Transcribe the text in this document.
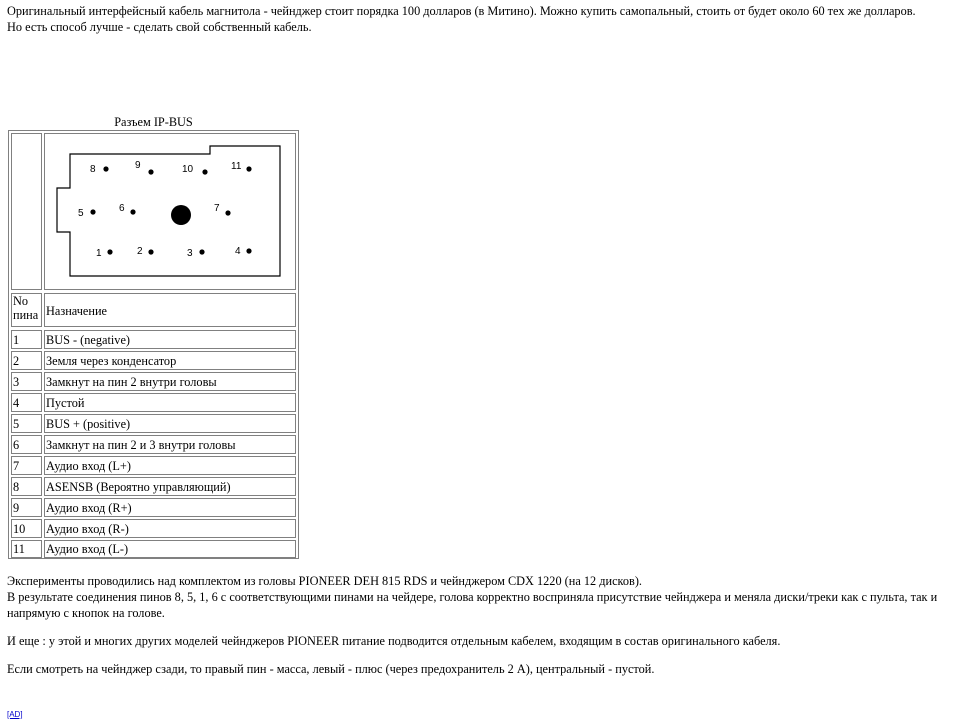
Оригинальный интерфейсный кабель магнитола - чейнджер стоит порядка 100 долларов (в Митино). Можно купить самопальный, стоить от будет около 60 тех же долларов.

Но есть способ лучше - сделать свой собственный кабель.

Разъем IP-BUS
8	9	10	11
5	6	7
1	2	3	4
No пина Назначение
1	BUS - (negative)
2	Земля через конденсатор
3	Замкнут на пин 2 внутри головы
4	Пустой
5	BUS + (positive)
6	Замкнут на пин 2 и 3 внутри головы
7	Аудио вход (L+)
8	ASENSB (Вероятно управляющий)
9	Аудио вход (R+)
10	Аудио вход (R-)
11	Аудио вход (L-)

Эксперименты проводились над комплектом из головы PIONEER DEH 815 RDS и чейнджером CDX 1220 (на 12 дисков).

В результате соединения пинов 8, 5, 1, 6 с соответствующими пинами на чейдере, голова корректно восприняла присутствие чейнджера и меняла диски/треки как с пульта, так и напрямую с кнопок на голове.

И еще : у этой и многих других моделей чейнджеров PIONEER питание подводится отдельным кабелем, входящим в состав оригинального кабеля.

Если смотреть на чейнджер сзади, то правый пин - масса, левый - плюс (через предохранитель 2 А), центральный - пустой.

[AD]
